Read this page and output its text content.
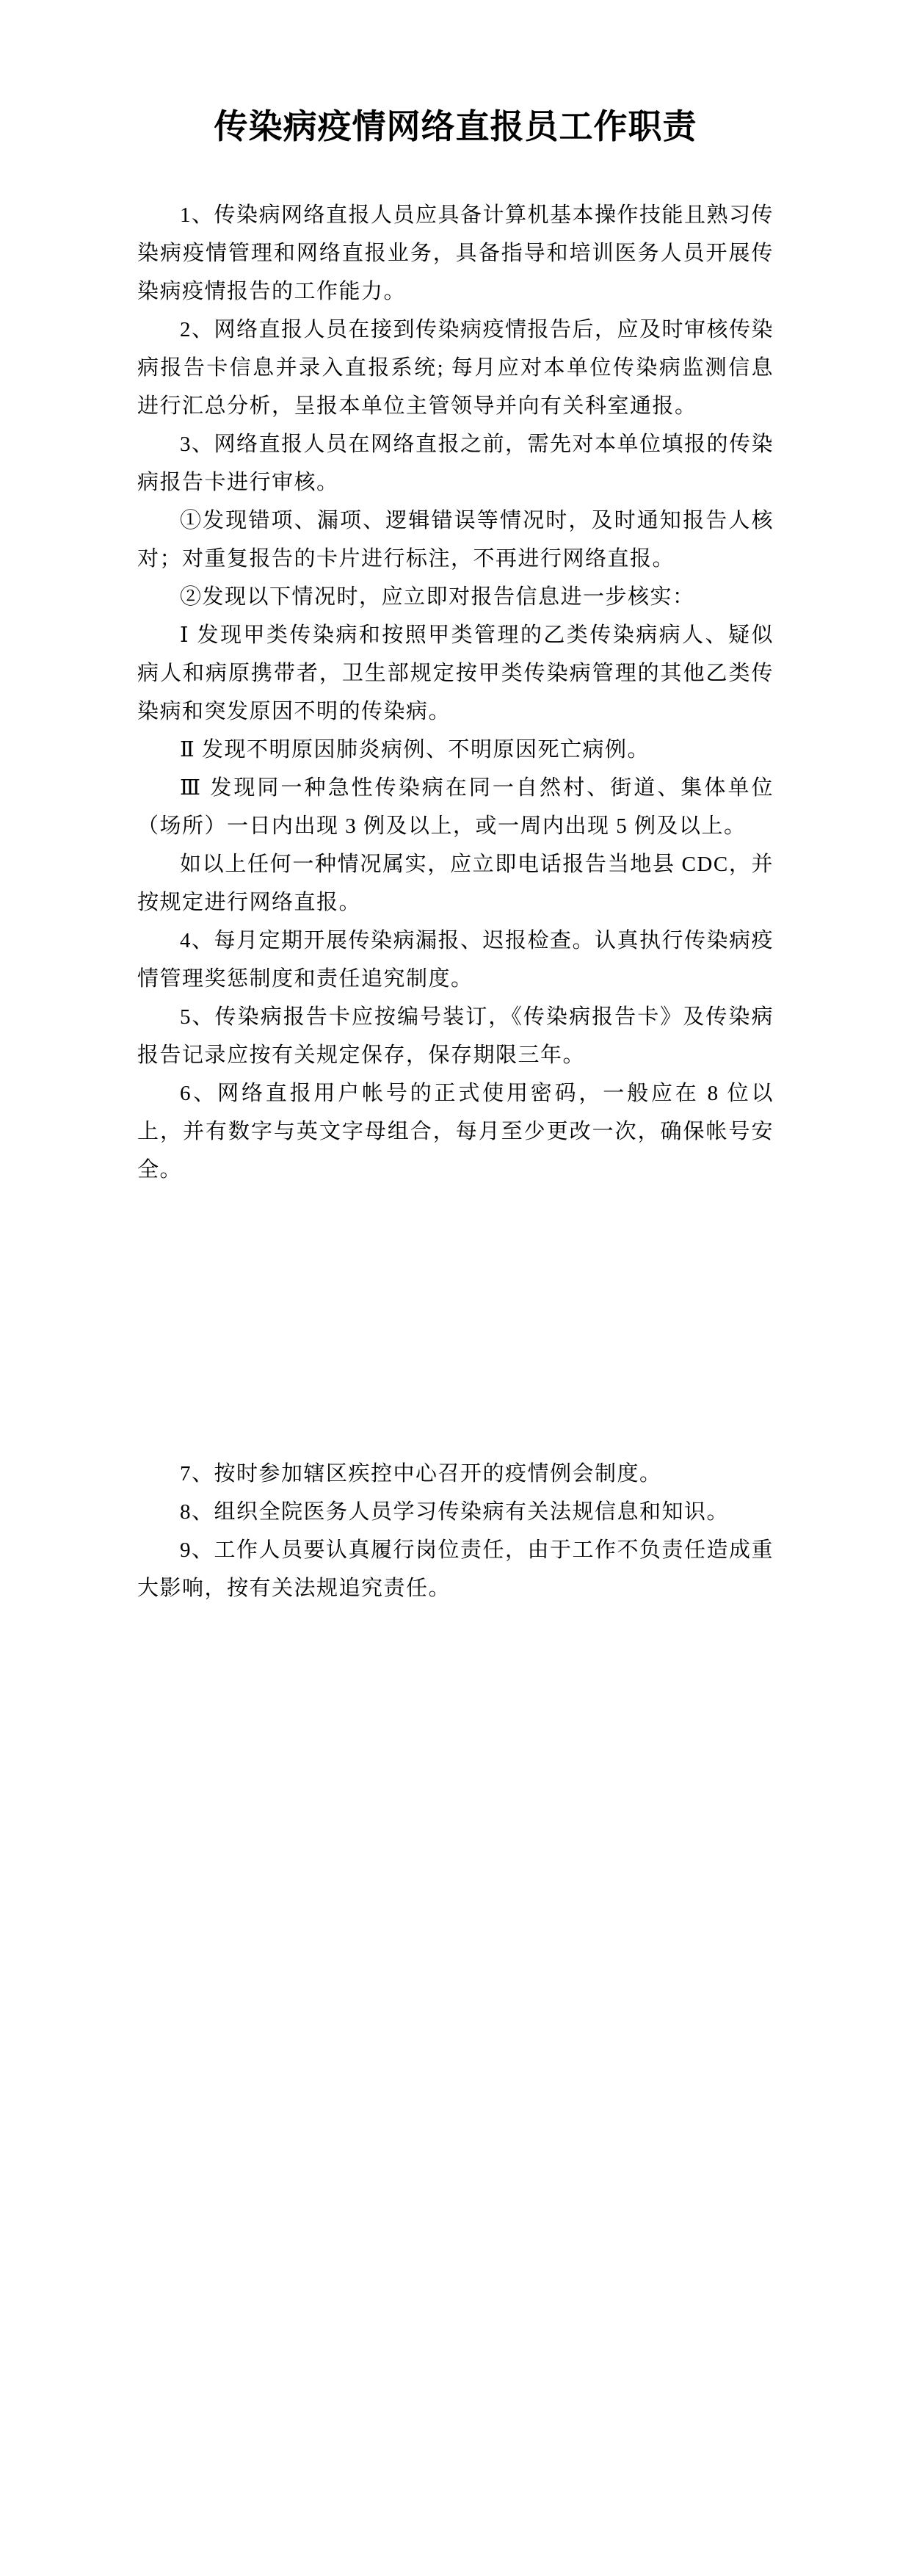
传染病疫情网络直报员工作职责

1、传染病网络直报人员应具备计算机基本操作技能且熟习传染病疫情管理和网络直报业务，具备指导和培训医务人员开展传染病疫情报告的工作能力。

2、网络直报人员在接到传染病疫情报告后，应及时审核传染病报告卡信息并录入直报系统; 每月应对本单位传染病监测信息进行汇总分析，呈报本单位主管领导并向有关科室通报。

3、网络直报人员在网络直报之前，需先对本单位填报的传染病报告卡进行审核。

①发现错项、漏项、逻辑错误等情况时，及时通知报告人核对；对重复报告的卡片进行标注，不再进行网络直报。

②发现以下情况时，应立即对报告信息进一步核实：

Ⅰ 发现甲类传染病和按照甲类管理的乙类传染病病人、疑似病人和病原携带者，卫生部规定按甲类传染病管理的其他乙类传染病和突发原因不明的传染病。

Ⅱ 发现不明原因肺炎病例、不明原因死亡病例。

Ⅲ 发现同一种急性传染病在同一自然村、街道、集体单位（场所）一日内出现 3 例及以上，或一周内出现 5 例及以上。

如以上任何一种情况属实，应立即电话报告当地县 CDC，并按规定进行网络直报。

4、每月定期开展传染病漏报、迟报检查。认真执行传染病疫情管理奖惩制度和责任追究制度。

5、传染病报告卡应按编号装订，《传染病报告卡》及传染病报告记录应按有关规定保存，保存期限三年。

6、网络直报用户帐号的正式使用密码，一般应在 8 位以上，并有数字与英文字母组合，每月至少更改一次，确保帐号安全。

7、按时参加辖区疾控中心召开的疫情例会制度。

8、组织全院医务人员学习传染病有关法规信息和知识。

9、工作人员要认真履行岗位责任，由于工作不负责任造成重大影响，按有关法规追究责任。
